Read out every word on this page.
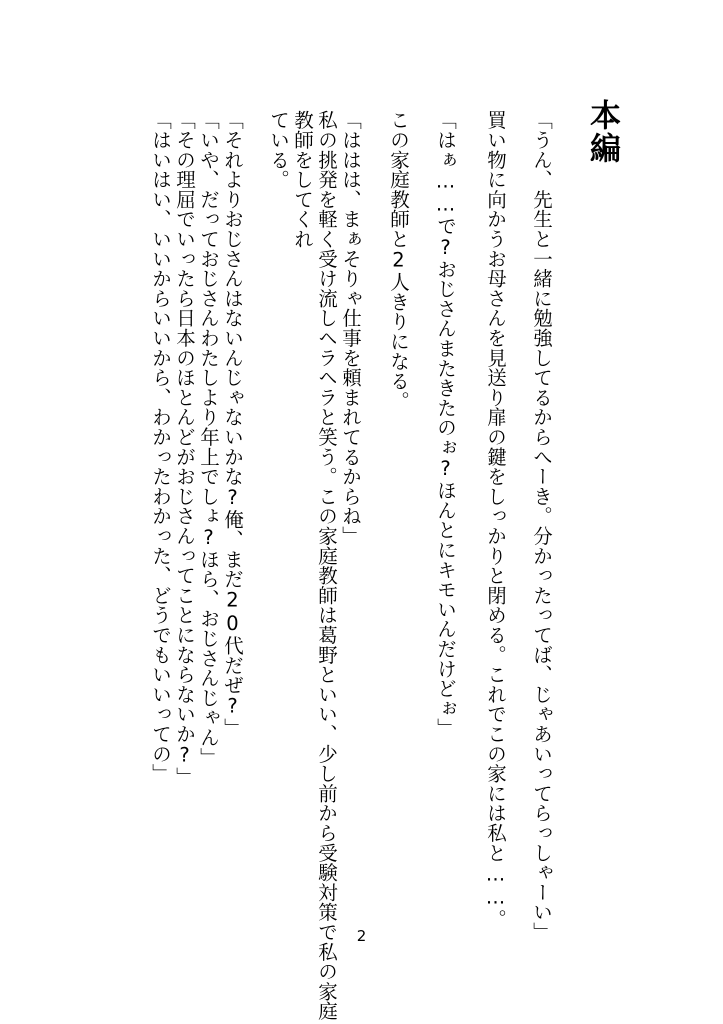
本編
「うん、先生と一緒に勉強してるからへーき。分かったってば、じゃあいってらっしゃーい」
買い物に向かうお母さんを見送り扉の鍵をしっかりと閉める。これでこの家には私と……。
「はぁ……で?おじさんまたきたのぉ?ほんとにキモいんだけどぉ」
この家庭教師と2人きりになる。
「ははは、まぁそりゃ仕事を頼まれてるからね」
私の挑発を軽く受け流しヘラヘラと笑う。この家庭教師は葛野といい、少し前から受験対策で私の家庭教師をしてくれ
ている。
「それよりおじさんはないんじゃないかな?俺、まだ20代だぜ?」
「いや、だっておじさんわたしより年上でしょ?ほら、おじさんじゃん」
「その理屈でいったら日本のほとんどがおじさんってことにならないか?」
「はいはい、いいからいいから、わかったわかった、どうでもいいっての」
2
